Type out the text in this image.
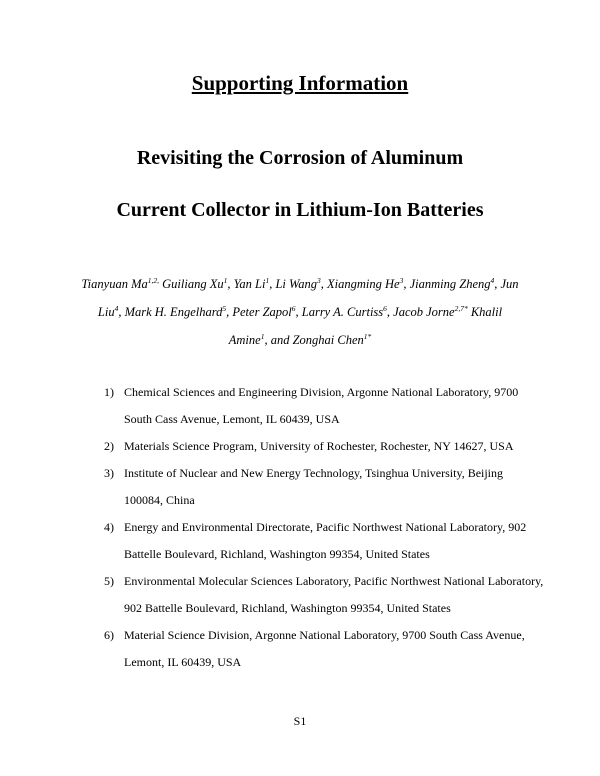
Supporting Information
Revisiting the Corrosion of Aluminum
Current Collector in Lithium-Ion Batteries

Tianyuan $Ma^{1,2,}$ Guiliang Xu$^1$, Yan Li$^1$, Li Wang$^3$, Xiangming He$^3$, Jianming Zheng$^4$, Jun Liu$^4$, Mark H. Engelhard$^5$, Peter Zapol$^6$, Larry A. Curtiss$^6$, Jacob Jorne$^{2,7*}$ Khalil Amine$^1$, and Zonghai Chen$^{1*}$

1) Chemical Sciences and Engineering Division, Argonne National Laboratory, 9700 South Cass Avenue, Lemont, IL 60439, USA
2) Materials Science Program, University of Rochester, Rochester, NY 14627, USA
3) Institute of Nuclear and New Energy Technology, Tsinghua University, Beijing 100084, China
4) Energy and Environmental Directorate, Pacific Northwest National Laboratory, 902 Battelle Boulevard, Richland, Washington 99354, United States
5) Environmental Molecular Sciences Laboratory, Pacific Northwest National Laboratory, 902 Battelle Boulevard, Richland, Washington 99354, United States
6) Material Science Division, Argonne National Laboratory, 9700 South Cass Avenue, Lemont, IL 60439, USA

S1
